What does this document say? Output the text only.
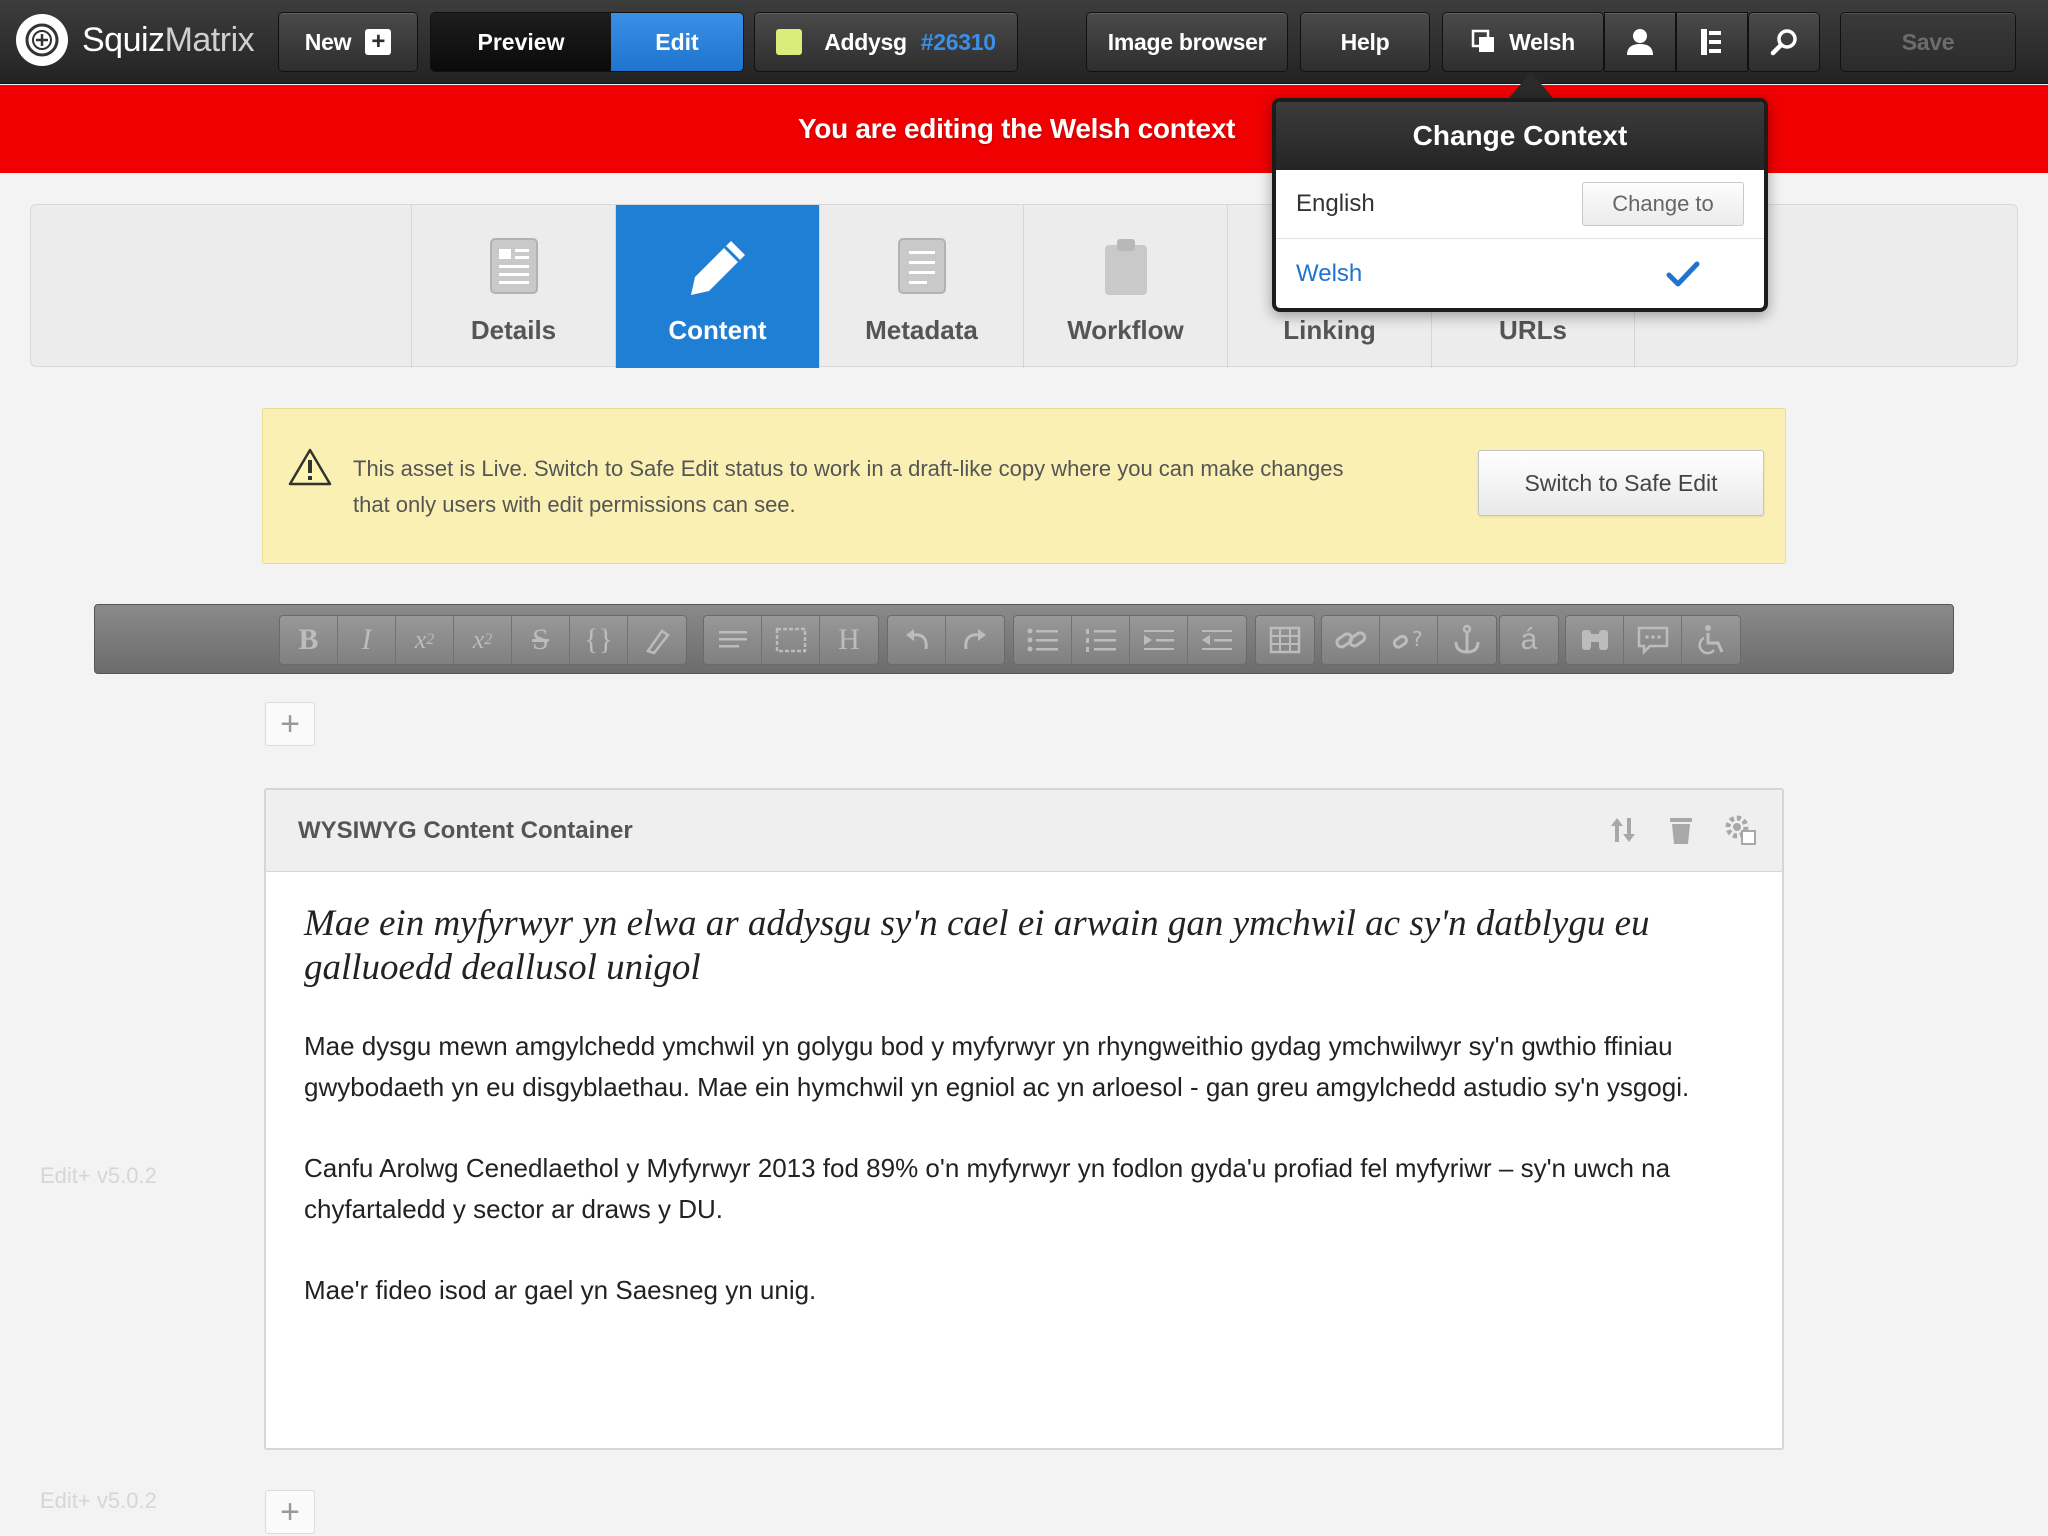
SquizMatrix New +	Preview	Edit	Addysg #26310	Image browser	Help	Welsh	Save
You are editing the Welsh context
Details	Content	Metadata	Workflow	Linking	URLs
Change Context
English	Change to
Welsh
This asset is Live. Switch to Safe Edit status to work in a draft-like copy where you can make changes that only users with edit permissions can see.
Switch to Safe Edit
B	I	x 2	x 2	S	{}	H	?	á
+
Edit+ v5.0.2
WYSIWYG Content Container
Mae ein myfyrwyr yn elwa ar addysgu sy'n cael ei arwain gan ymchwil ac sy'n datblygu eu galluoedd deallusol unigol
Mae dysgu mewn amgylchedd ymchwil yn golygu bod y myfyrwyr yn rhyngweithio gydag ymchwilwyr sy'n gwthio ffiniau gwybodaeth yn eu disgyblaethau. Mae ein hymchwil yn egniol ac yn arloesol - gan greu amgylchedd astudio sy'n ysgogi.
Canfu Arolwg Cenedlaethol y Myfyrwyr 2013 fod 89% o'n myfyrwyr yn fodlon gyda'u profiad fel myfyriwr – sy'n uwch na chyfartaledd y sector ar draws y DU.
Mae'r fideo isod ar gael yn Saesneg yn unig.
+
Edit+ v5.0.2
